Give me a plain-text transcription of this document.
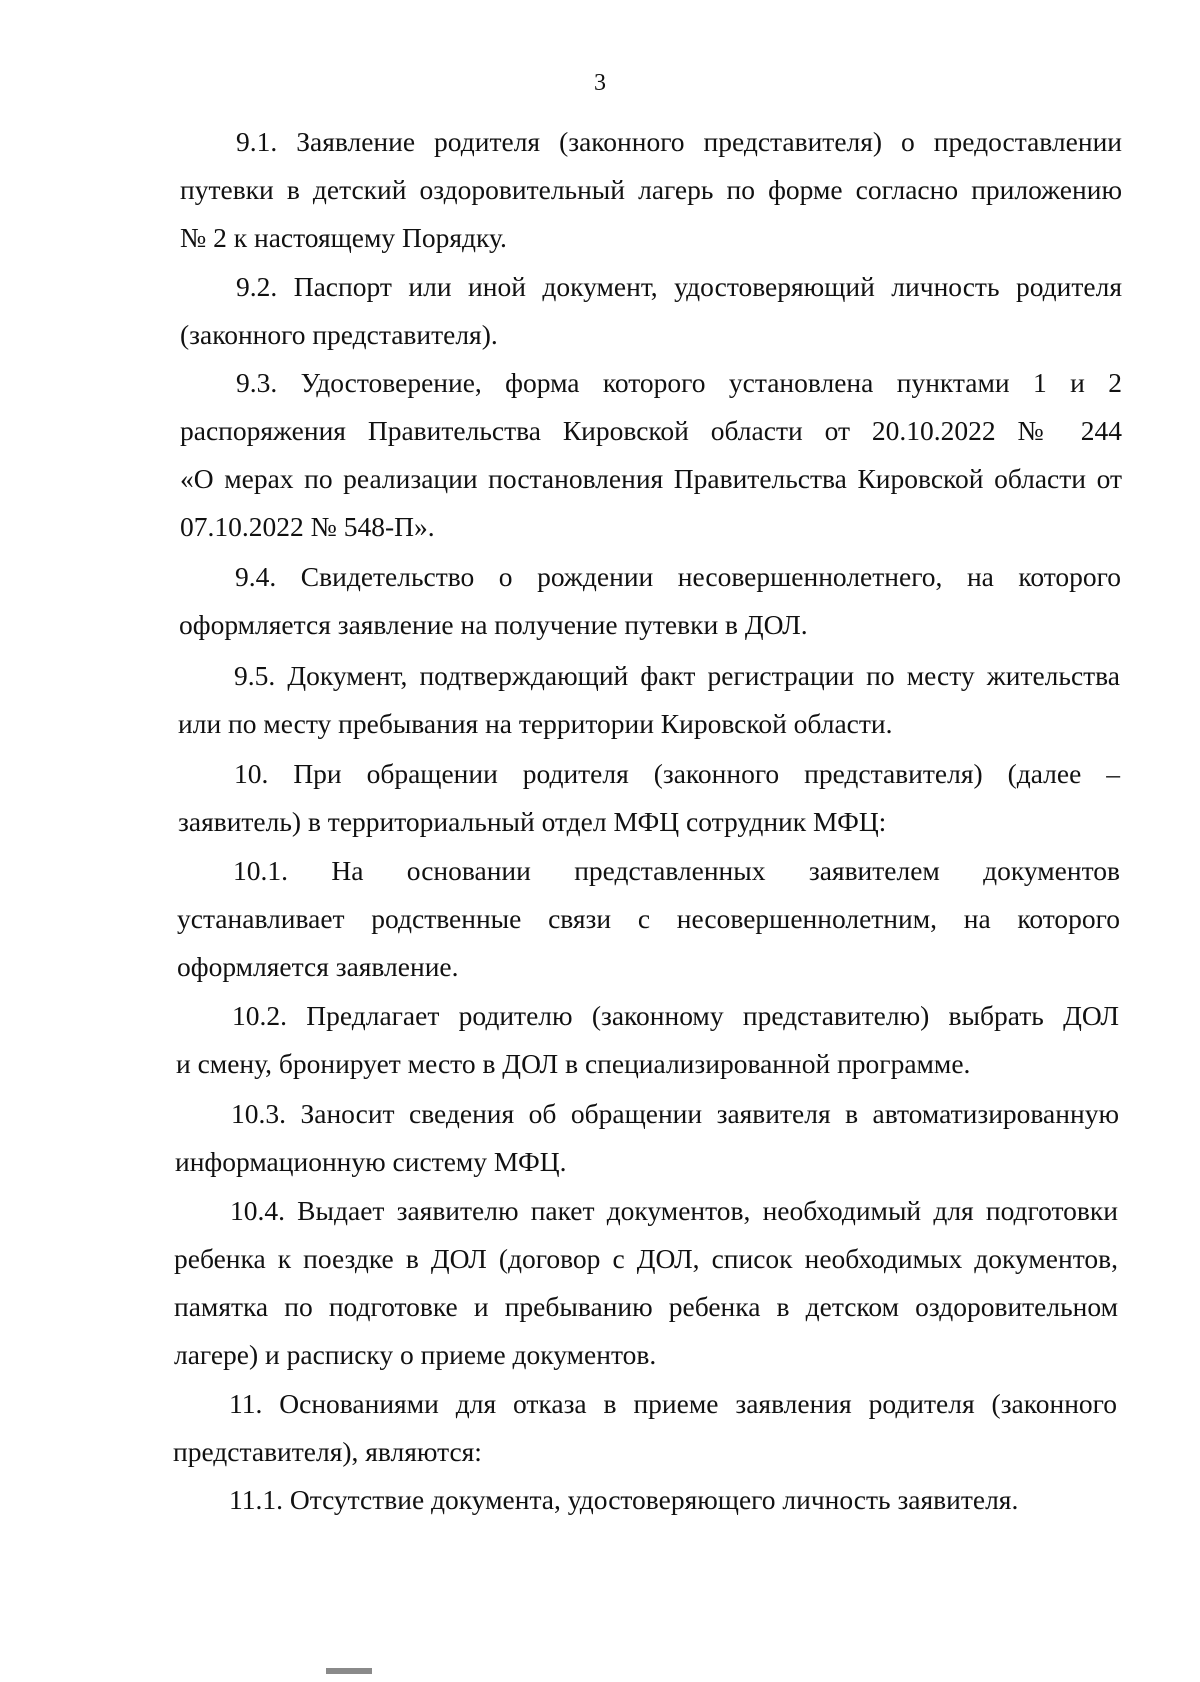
3
9.1. Заявление родителя (законного представителя) о предоставлении
путевки в детский оздоровительный лагерь по форме согласно приложению
№ 2 к настоящему Порядку.
9.2. Паспорт или иной документ, удостоверяющий личность родителя
(законного представителя).
9.3. Удостоверение, форма которого установлена пунктами 1 и 2
распоряжения Правительства Кировской области от 20.10.2022 № 244
«О мерах по реализации постановления Правительства Кировской области от
07.10.2022 № 548-П».
9.4. Свидетельство о рождении несовершеннолетнего, на которого
оформляется заявление на получение путевки в ДОЛ.
9.5. Документ, подтверждающий факт регистрации по месту жительства
или по месту пребывания на территории Кировской области.
10. При обращении родителя (законного представителя) (далее –
заявитель) в территориальный отдел МФЦ сотрудник МФЦ:
10.1. На основании представленных заявителем документов
устанавливает родственные связи с несовершеннолетним, на которого
оформляется заявление.
10.2. Предлагает родителю (законному представителю) выбрать ДОЛ
и смену, бронирует место в ДОЛ в специализированной программе.
10.3. Заносит сведения об обращении заявителя в автоматизированную
информационную систему МФЦ.
10.4. Выдает заявителю пакет документов, необходимый для подготовки
ребенка к поездке в ДОЛ (договор с ДОЛ, список необходимых документов,
памятка по подготовке и пребыванию ребенка в детском оздоровительном
лагере) и расписку о приеме документов.
11. Основаниями для отказа в приеме заявления родителя (законного
представителя), являются:
11.1. Отсутствие документа, удостоверяющего личность заявителя.
